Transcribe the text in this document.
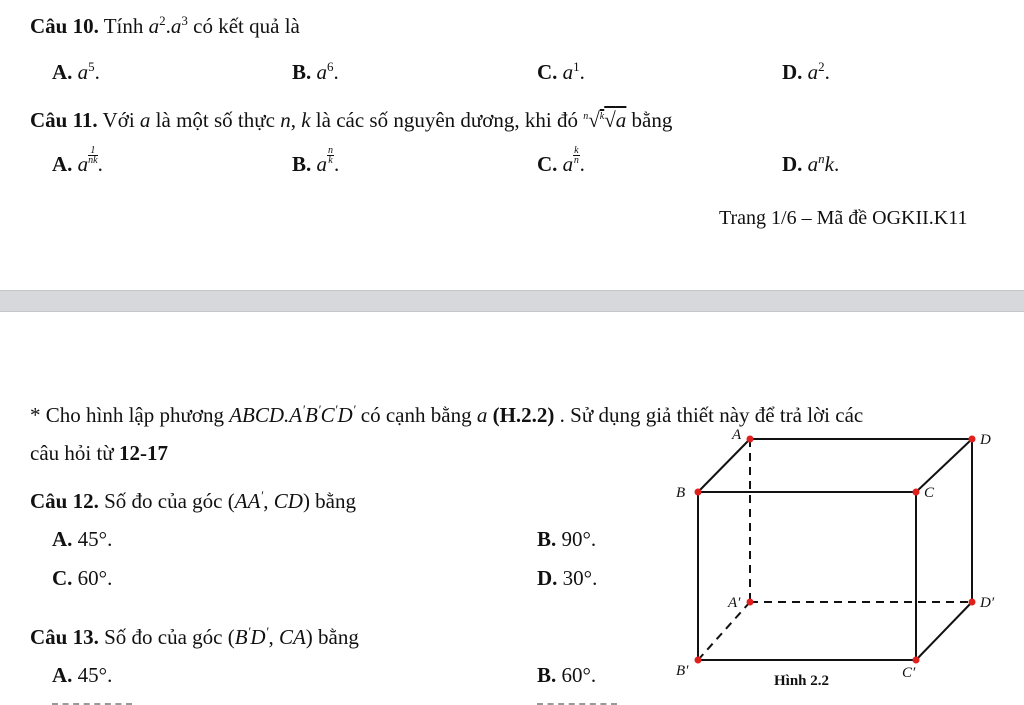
Câu 10. Tính $a^2.a^3$ có kết quả là
A. $a^5$.	B. $a^6$.	C. $a^1$.	D. $a^2$.
Câu 11. Với a là một số thực n, k là các số nguyên dương, khi đó $^n$√$^k$√a bằng
A. a $\frac{1}{nk}$ .	B. a $\frac{n}{k}$ .	C. a $\frac{k}{n}$ .	D. $a^nk$.
Trang 1/6 – Mã đề OGKII.K11
* Cho hình lập phương ABCD.A′B′C′D′ có cạnh bằng a (H.2.2) . Sử dụng giả thiết này để trả lời các
câu hỏi từ 12-17
Câu 12. Số đo của góc (AA′, CD) bằng
A. 45°.	B. 90°.
C. 60°.	D. 30°.
Câu 13. Số đo của góc (B′D′, CA) bằng
A. 45°.	B. 60°.
A	D
B	C
A′	D′
B′	C′
Hình 2.2
